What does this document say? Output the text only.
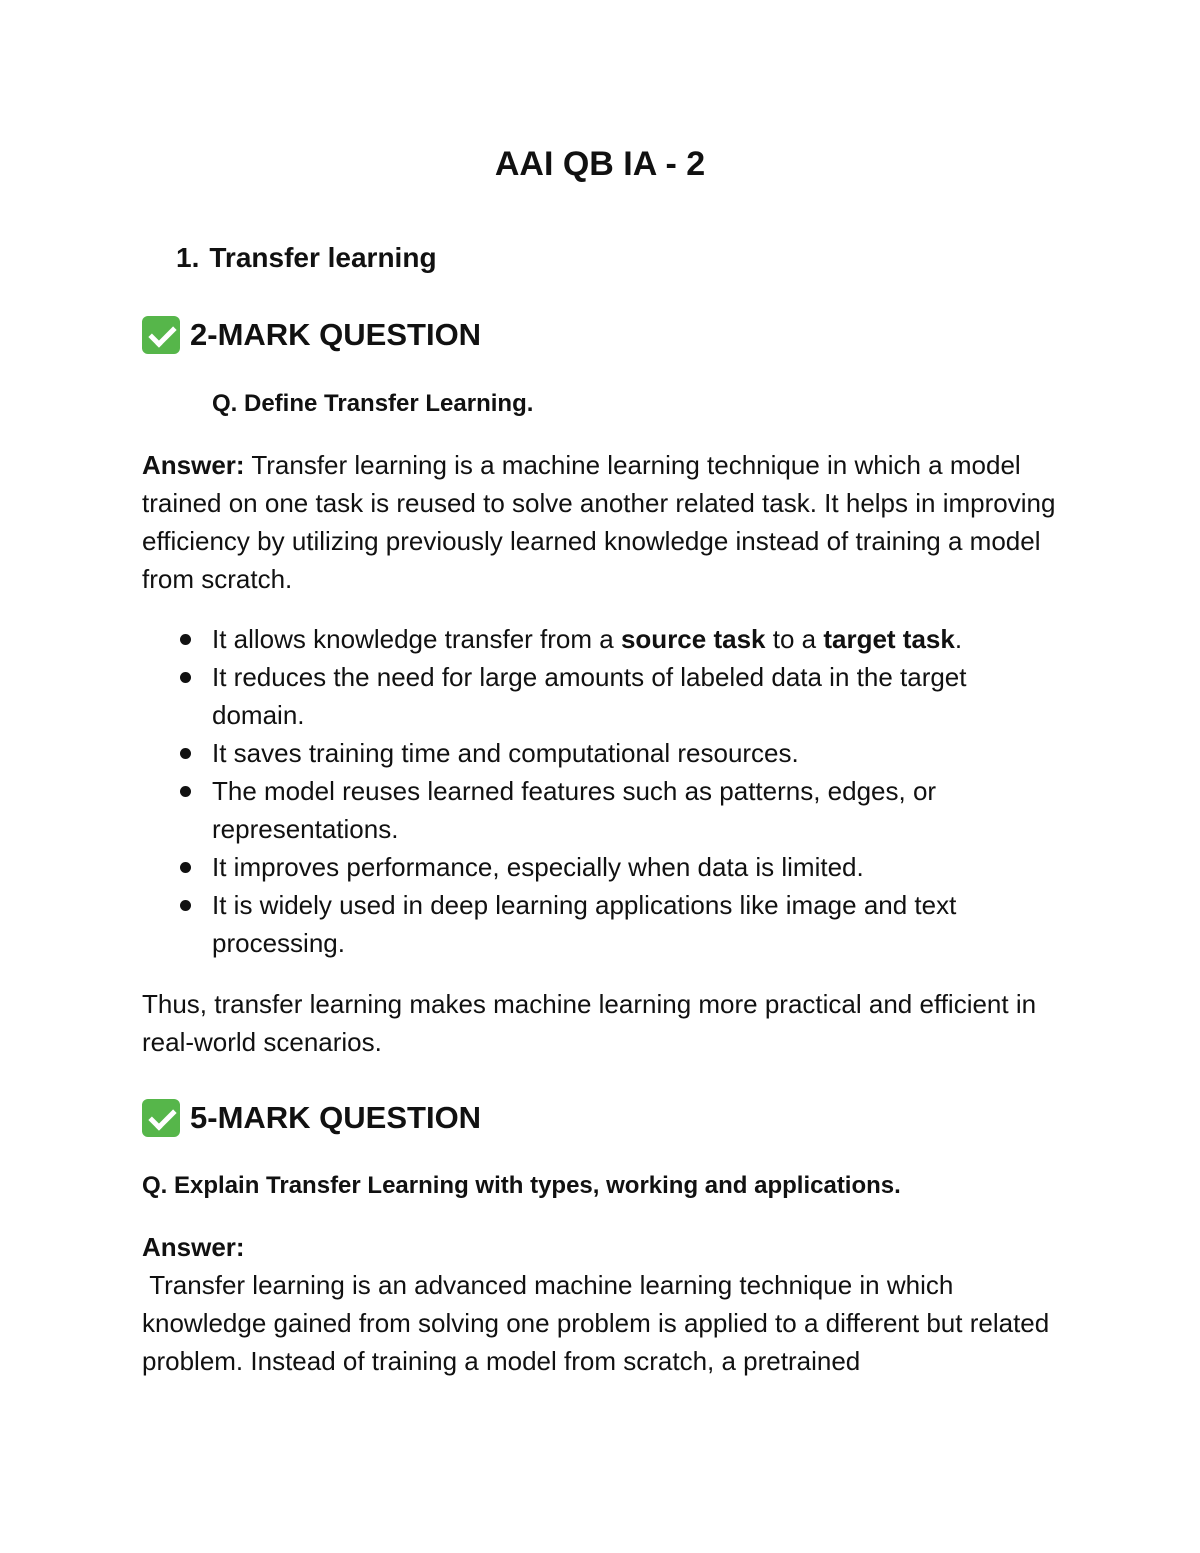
AAI QB IA - 2
1. Transfer learning
2-MARK QUESTION
Q. Define Transfer Learning.

Answer: Transfer learning is a machine learning technique in which a model trained on one task is reused to solve another related task. It helps in improving efficiency by utilizing previously learned knowledge instead of training a model from scratch.

It allows knowledge transfer from a source task to a target task.
It reduces the need for large amounts of labeled data in the target domain.
It saves training time and computational resources.
The model reuses learned features such as patterns, edges, or representations.
It improves performance, especially when data is limited.
It is widely used in deep learning applications like image and text processing.

Thus, transfer learning makes machine learning more practical and efficient in real-world scenarios.

5-MARK QUESTION
Q. Explain Transfer Learning with types, working and applications.

Answer:

Transfer learning is an advanced machine learning technique in which knowledge gained from solving one problem is applied to a different but related problem. Instead of training a model from scratch, a pretrained
